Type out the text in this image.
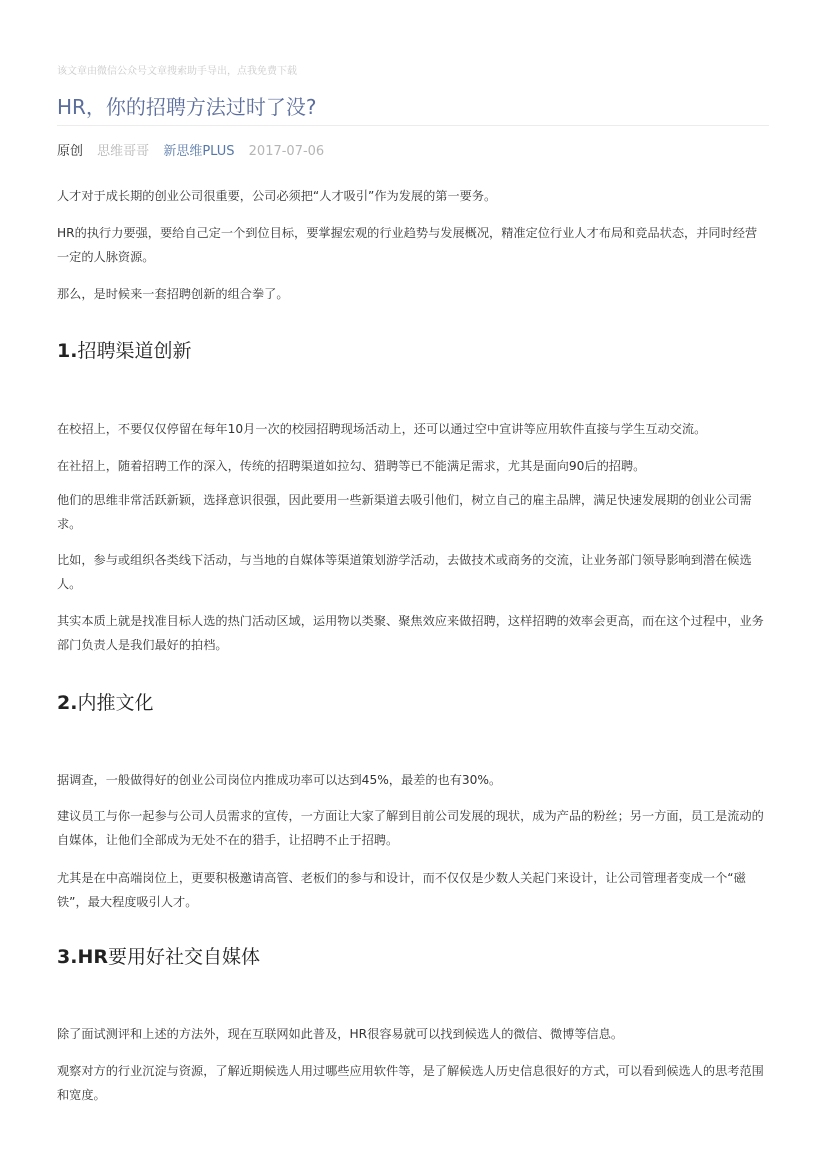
该文章由微信公众号文章搜索助手导出，点我免费下载
HR，你的招聘方法过时了没?
原创 思维哥哥 新思维PLUS 2017-07-06

人才对于成长期的创业公司很重要，公司必须把“人才吸引”作为发展的第一要务。

HR的执行力要强，要给自己定一个到位目标，要掌握宏观的行业趋势与发展概况，精准定位行业人才布局和竞品状态，并同时经营一定的人脉资源。

那么，是时候来一套招聘创新的组合拳了。

1.招聘渠道创新

在校招上，不要仅仅停留在每年10月一次的校园招聘现场活动上，还可以通过空中宣讲等应用软件直接与学生互动交流。

在社招上，随着招聘工作的深入，传统的招聘渠道如拉勾、猎聘等已不能满足需求，尤其是面向90后的招聘。

他们的思维非常活跃新颖，选择意识很强，因此要用一些新渠道去吸引他们，树立自己的雇主品牌，满足快速发展期的创业公司需求。

比如，参与或组织各类线下活动，与当地的自媒体等渠道策划游学活动，去做技术或商务的交流，让业务部门领导影响到潜在候选人。

其实本质上就是找准目标人选的热门活动区域，运用物以类聚、聚焦效应来做招聘，这样招聘的效率会更高，而在这个过程中，业务部门负责人是我们最好的拍档。

2.内推文化

据调查，一般做得好的创业公司岗位内推成功率可以达到45%，最差的也有30%。

建议员工与你一起参与公司人员需求的宣传，一方面让大家了解到目前公司发展的现状，成为产品的粉丝；另一方面，员工是流动的自媒体，让他们全部成为无处不在的猎手，让招聘不止于招聘。

尤其是在中高端岗位上，更要积极邀请高管、老板们的参与和设计，而不仅仅是少数人关起门来设计，让公司管理者变成一个“磁铁”，最大程度吸引人才。

3.HR要用好社交自媒体

除了面试测评和上述的方法外，现在互联网如此普及，HR很容易就可以找到候选人的微信、微博等信息。

观察对方的行业沉淀与资源，了解近期候选人用过哪些应用软件等，是了解候选人历史信息很好的方式，可以看到候选人的思考范围和宽度。
